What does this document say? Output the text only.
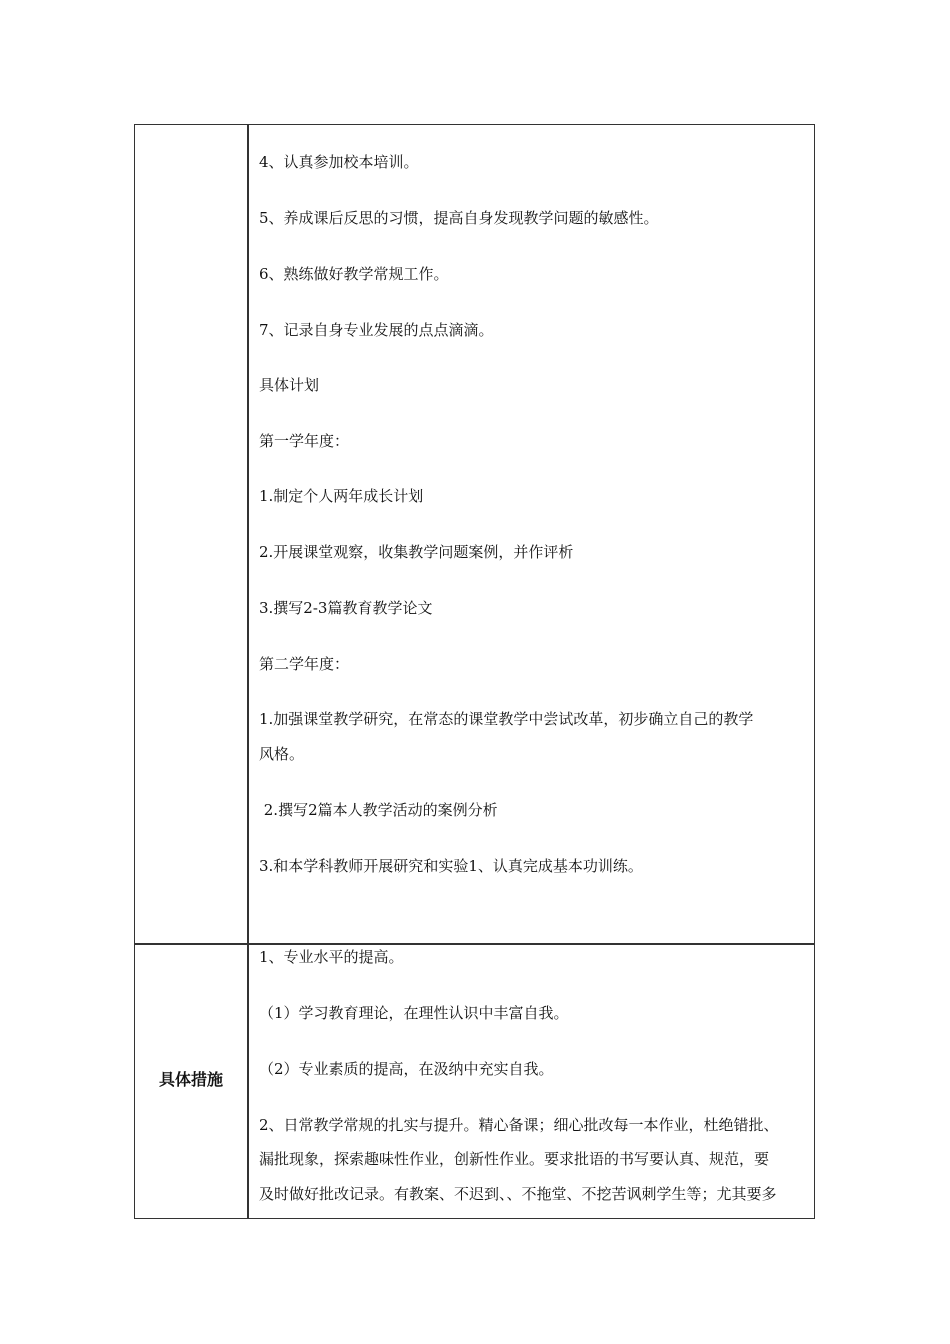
4、认真参加校本培训。
5、养成课后反思的习惯，提高自身发现教学问题的敏感性。
6、熟练做好教学常规工作。
7、记录自身专业发展的点点滴滴。
具体计划
第一学年度：
1.制定个人两年成长计划
2.开展课堂观察，收集教学问题案例，并作评析
3.撰写2-3篇教育教学论文
第二学年度：
1.加强课堂教学研究，在常态的课堂教学中尝试改革，初步确立自己的教学
风格。
2.撰写2篇本人教学活动的案例分析
3.和本学科教师开展研究和实验1、认真完成基本功训练。
具体措施
1、专业水平的提高。
（1）学习教育理论，在理性认识中丰富自我。
（2）专业素质的提高，在汲纳中充实自我。
2、日常教学常规的扎实与提升。精心备课；细心批改每一本作业，杜绝错批、
漏批现象，探索趣味性作业，创新性作业。要求批语的书写要认真、规范，要
及时做好批改记录。有教案、不迟到、、不拖堂、不挖苦讽刺学生等；尤其要多
